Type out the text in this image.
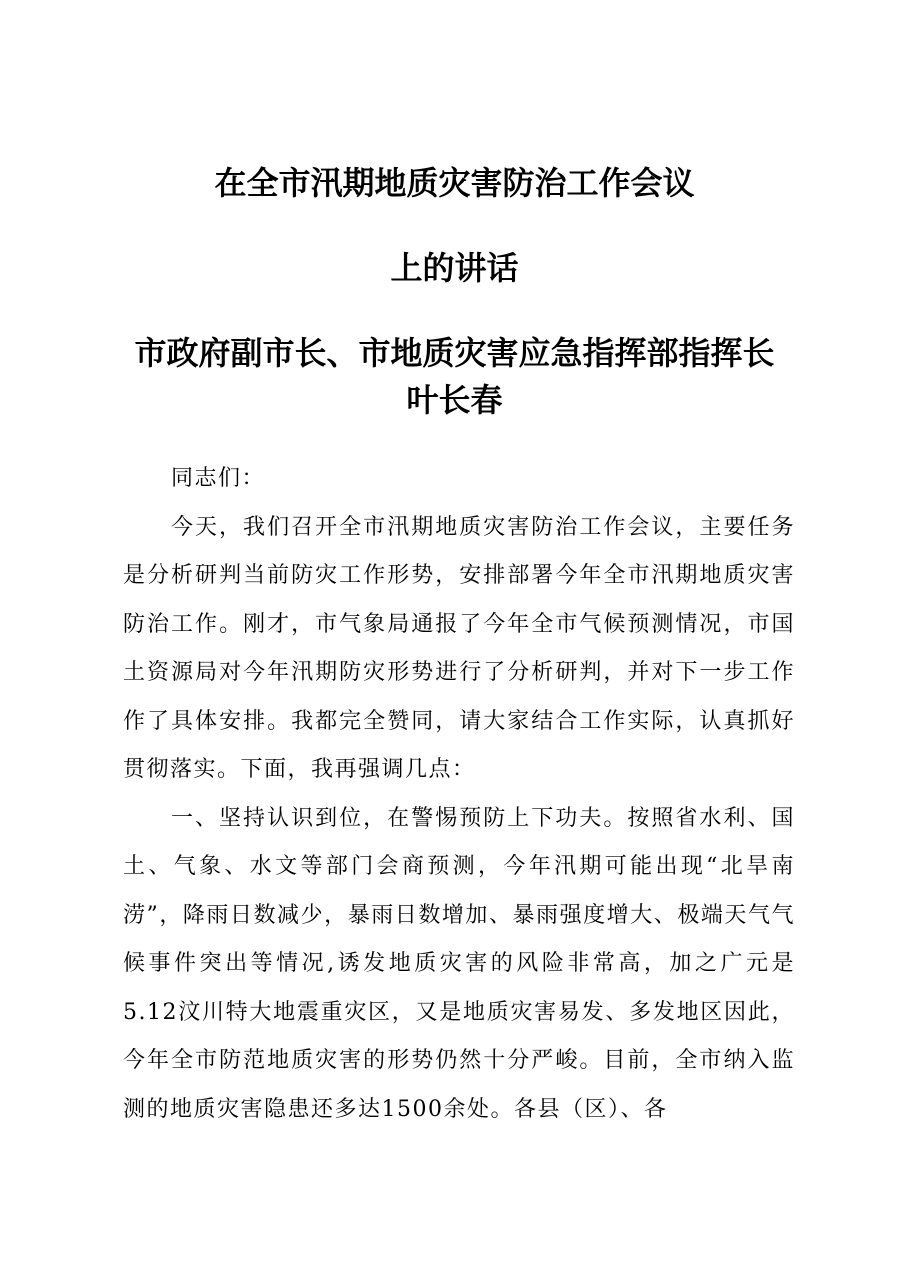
在全市汛期地质灾害防治工作会议
上的讲话
市政府副市长、市地质灾害应急指挥部指挥长
叶长春

同志们：

今天，我们召开全市汛期地质灾害防治工作会议，主要任务是分析研判当前防灾工作形势，安排部署今年全市汛期地质灾害防治工作。刚才，市气象局通报了今年全市气候预测情况，市国土资源局对今年汛期防灾形势进行了分析研判，并对下一步工作作了具体安排。我都完全赞同，请大家结合工作实际，认真抓好贯彻落实。下面，我再强调几点：

一、坚持认识到位，在警惕预防上下功夫。按照省水利、国土、气象、水文等部门会商预测，今年汛期可能出现“北旱南涝”，降雨日数减少，暴雨日数增加、暴雨强度增大、极端天气气候事件突出等情况,诱发地质灾害的风险非常高，加之广元是5.12汶川特大地震重灾区，又是地质灾害易发、多发地区因此，今年全市防范地质灾害的形势仍然十分严峻。目前，全市纳入监测的地质灾害隐患还多达1500余处。各县（区）、各
